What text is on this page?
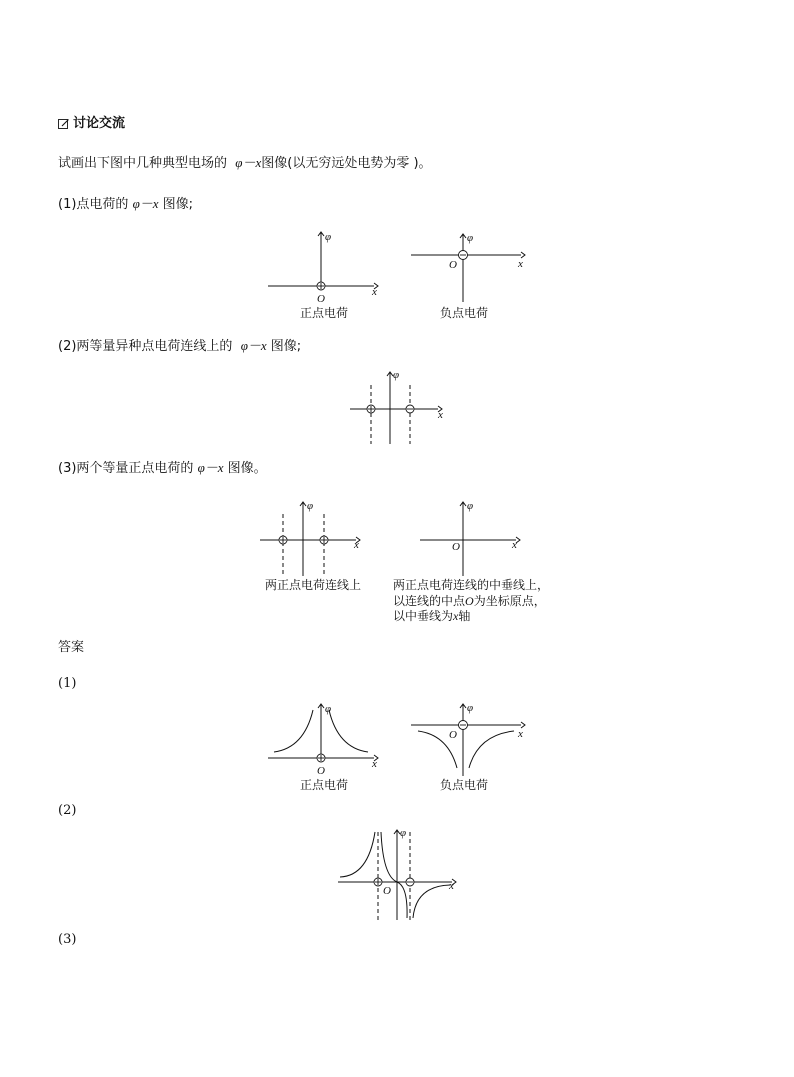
讨论交流
试画出下图中几种典型电场的 φ－x图像(以无穷远处电势为零 )。
(1)点电荷的 φ－x 图像;
φ
x
O
正点电荷
φ
x
O
负点电荷
(2)两等量异种点电荷连线上的 φ－x 图像;
φ
x
(3)两个等量正点电荷的 φ－x 图像。
φ
x
两正点电荷连线上
φ
x
O
两正点电荷连线的中垂线上，
以连线的中点O为坐标原点，
以中垂线为x轴
答案
(1)
φ
x
O
正点电荷
φ
x
O
负点电荷
(2)
φ
x
O
(3)
